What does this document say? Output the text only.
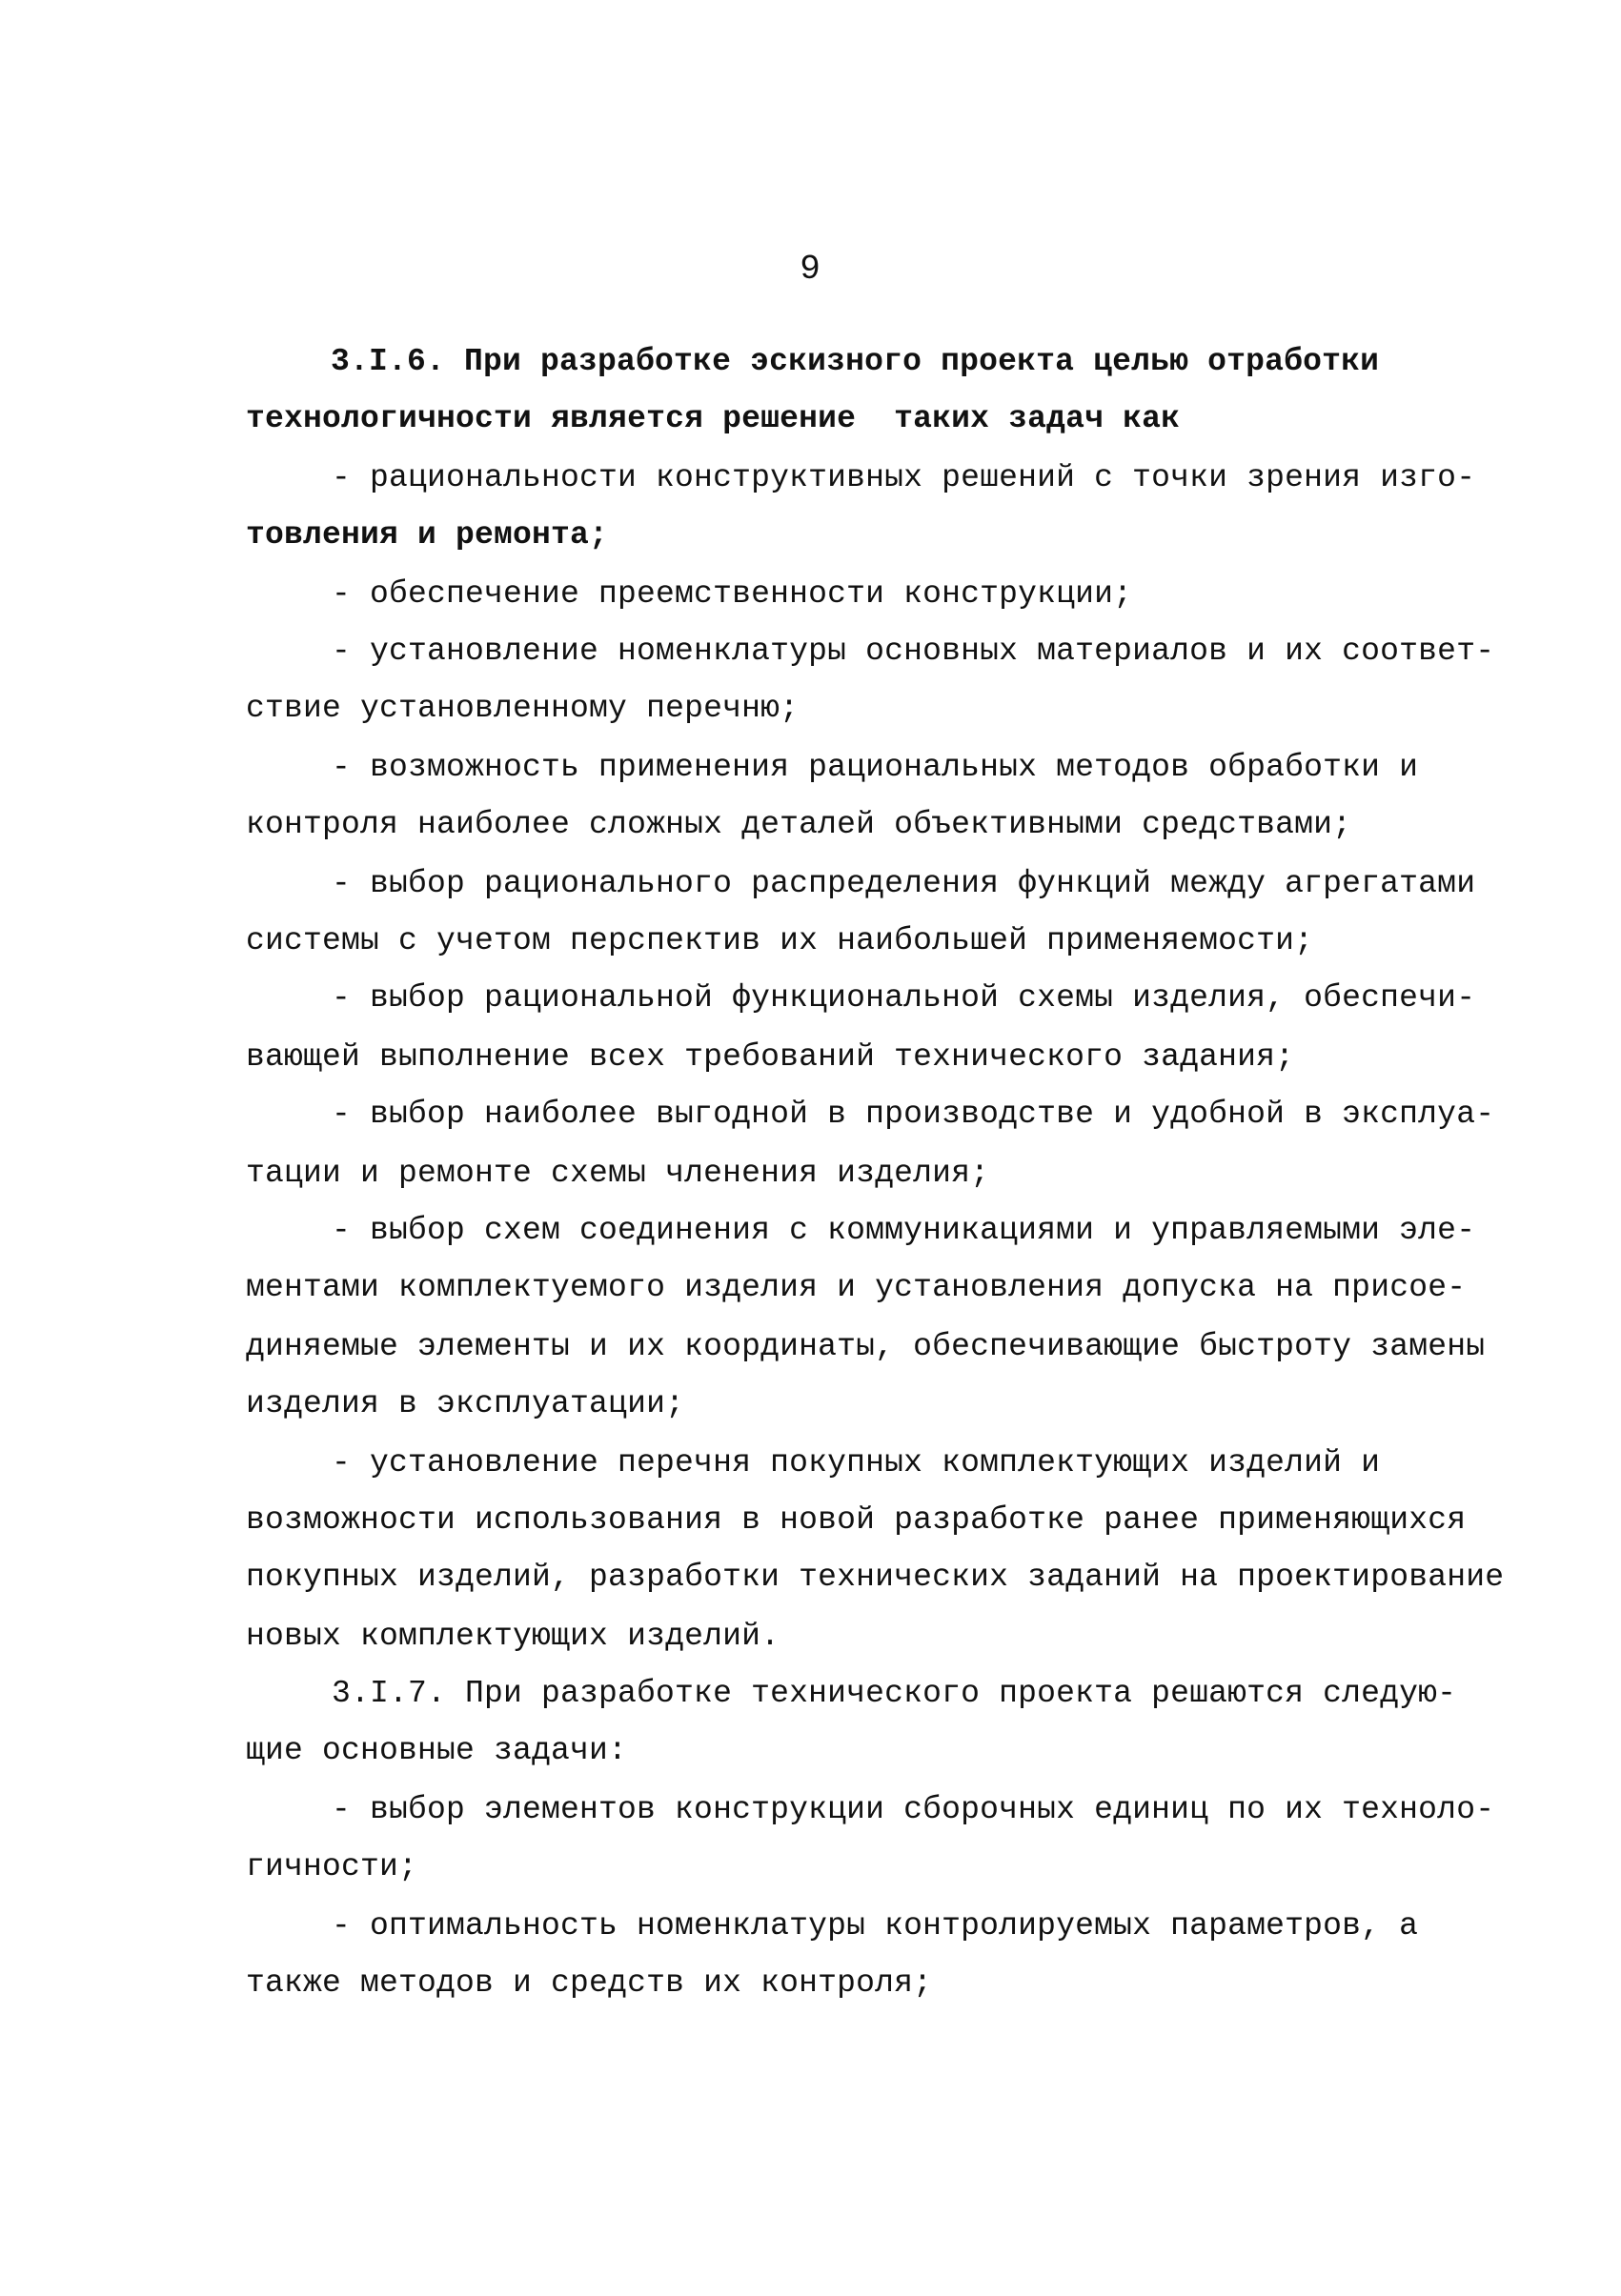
9
3.I.6. При разработке эскизного проекта целью отработки
технологичности является решение  таких задач как
- рациональности конструктивных решений с точки зрения изго-
товления и ремонта;
- обеспечение преемственности конструкции;
- установление номенклатуры основных материалов и их соответ-
ствие установленному перечню;
- возможность применения рациональных методов обработки и
контроля наиболее сложных деталей объективными средствами;
- выбор рационального распределения функций между агрегатами
системы с учетом перспектив их наибольшей применяемости;
- выбор рациональной функциональной схемы изделия, обеспечи-
вающей выполнение всех требований технического задания;
- выбор наиболее выгодной в производстве и удобной в эксплуа-
тации и ремонте схемы членения изделия;
- выбор схем соединения с коммуникациями и управляемыми эле-
ментами комплектуемого изделия и установления допуска на присое-
диняемые элементы и их координаты, обеспечивающие быстроту замены
изделия в эксплуатации;
- установление перечня покупных комплектующих изделий и
возможности использования в новой разработке ранее применяющихся
покупных изделий, разработки технических заданий на проектирование
новых комплектующих изделий.
3.I.7. При разработке технического проекта решаются следую-
щие основные задачи:
- выбор элементов конструкции сборочных единиц по их техноло-
гичности;
- оптимальность номенклатуры контролируемых параметров, а
также методов и средств их контроля;
